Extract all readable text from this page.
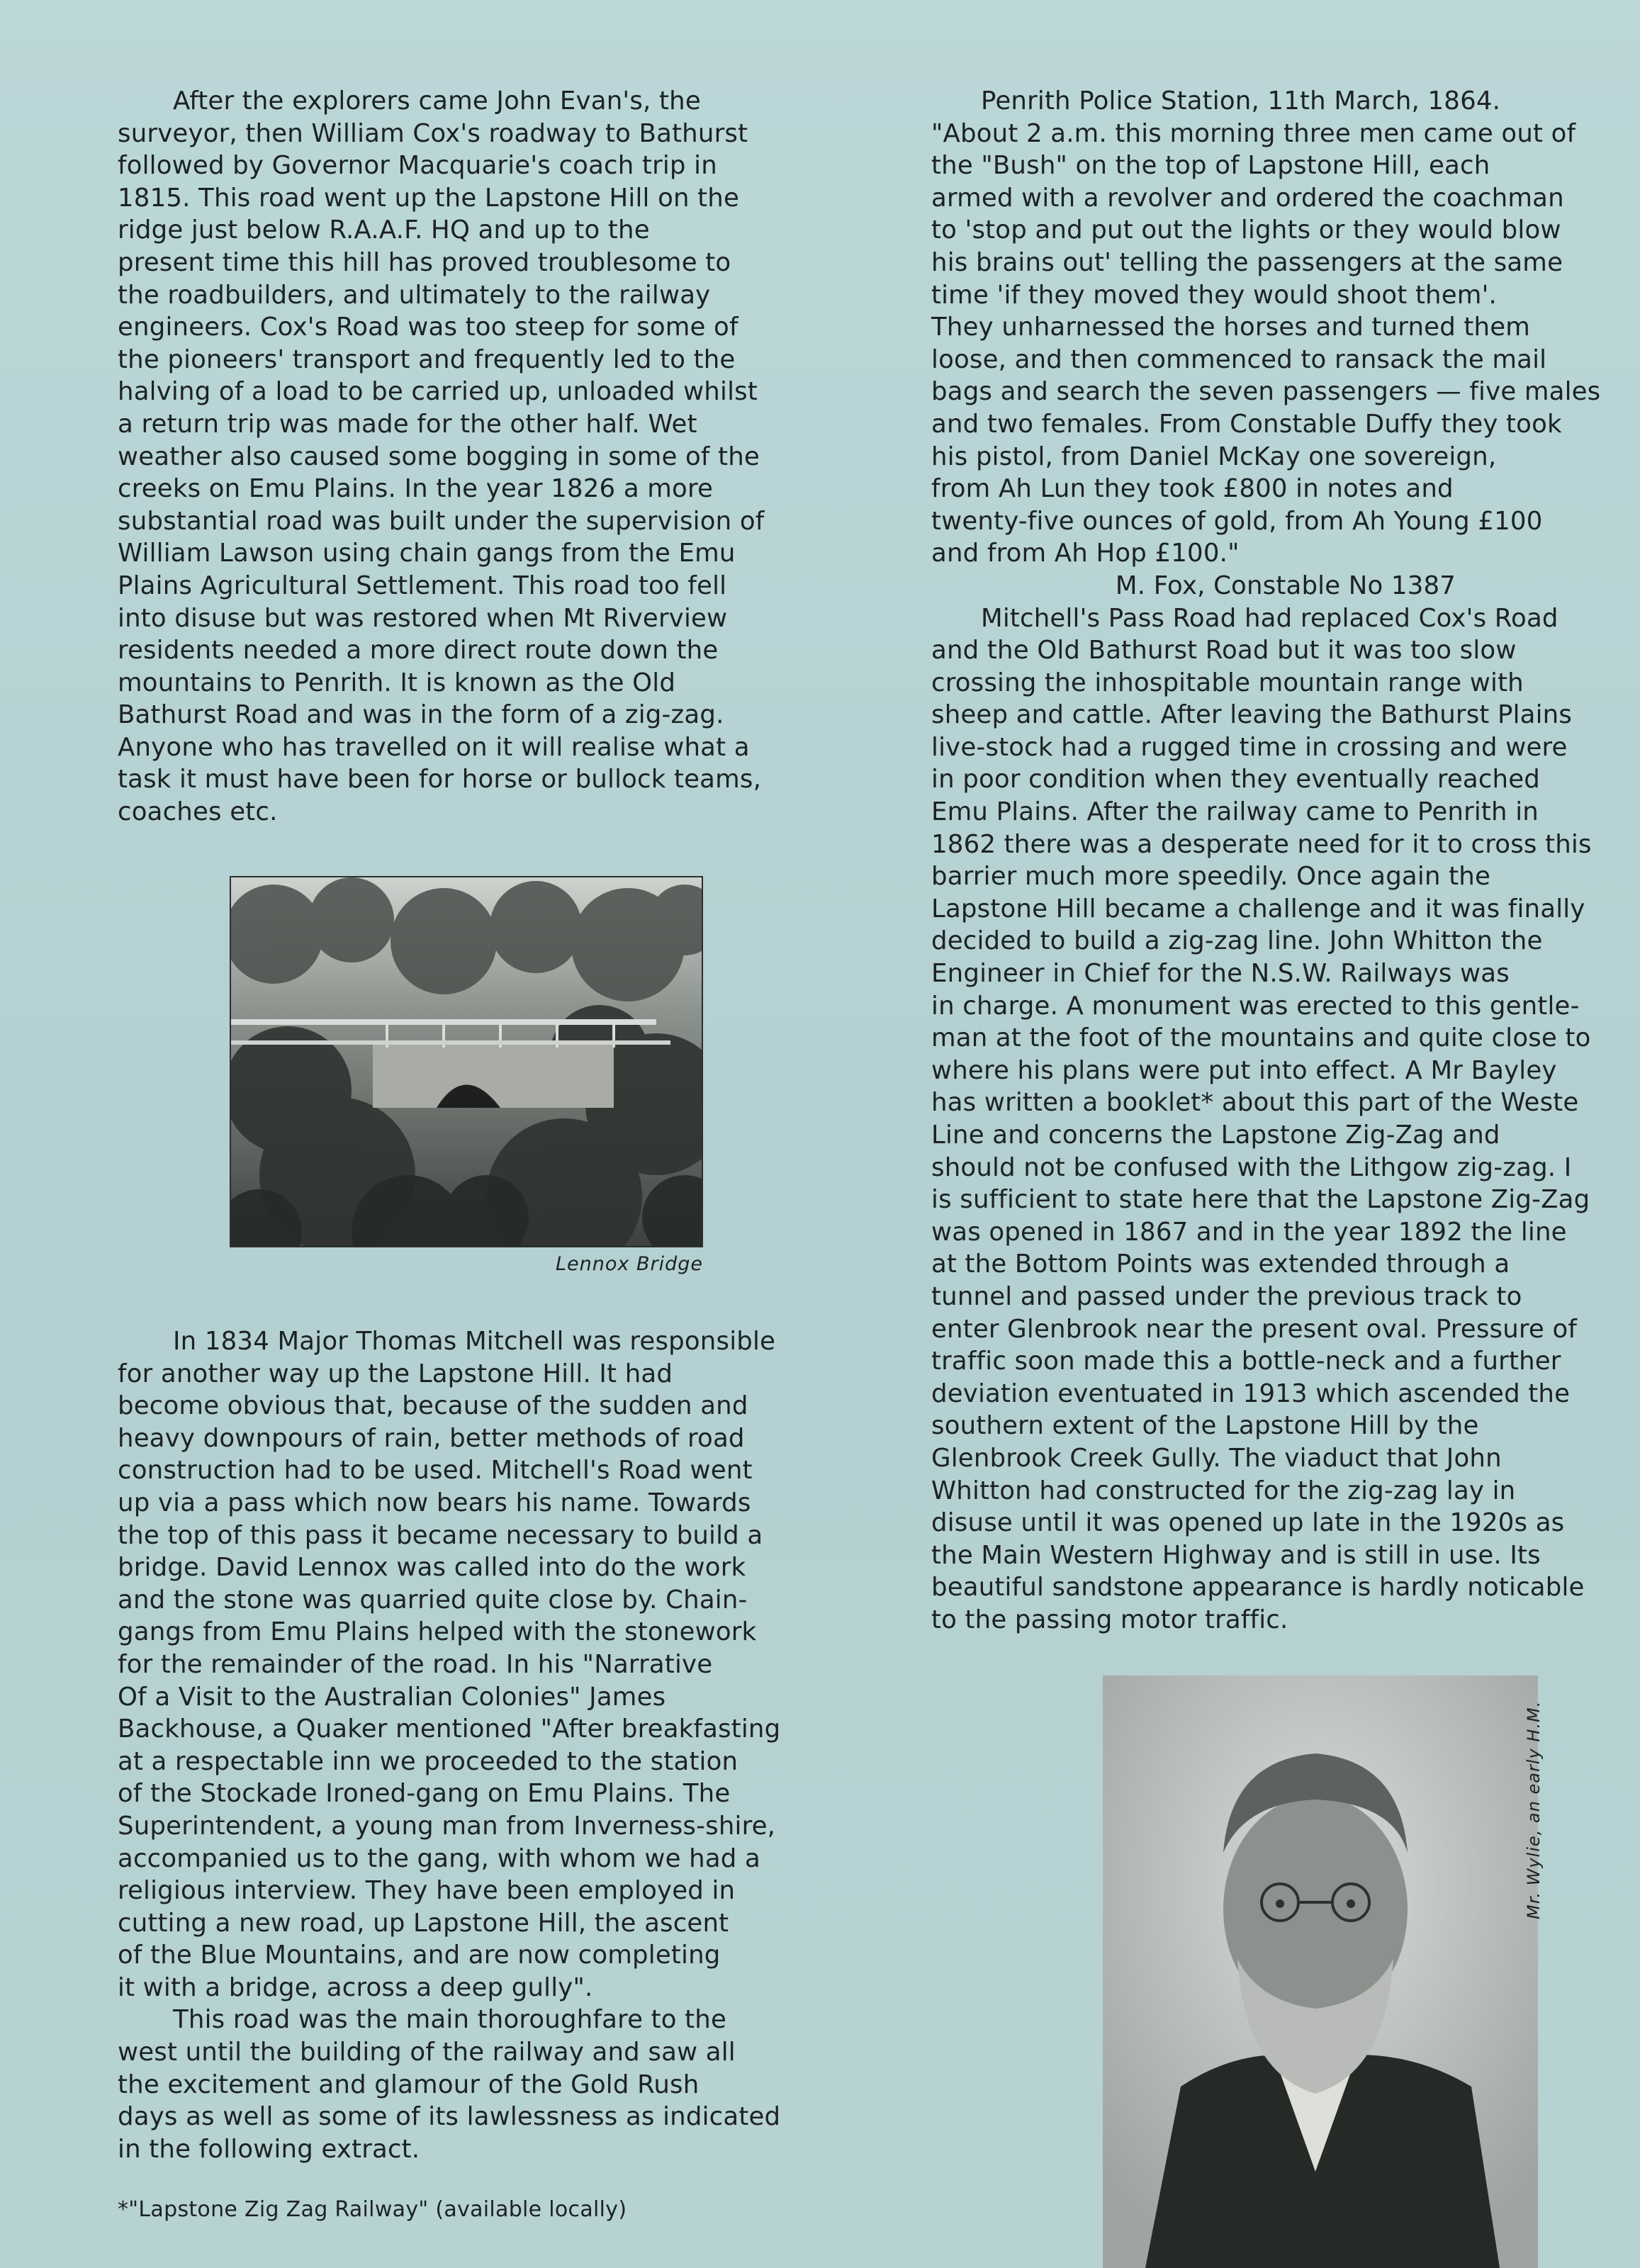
After the explorers came John Evan's, the
surveyor, then William Cox's roadway to Bathurst
followed by Governor Macquarie's coach trip in
1815. This road went up the Lapstone Hill on the
ridge just below R.A.A.F. HQ and up to the
present time this hill has proved troublesome to
the roadbuilders, and ultimately to the railway
engineers. Cox's Road was too steep for some of
the pioneers' transport and frequently led to the
halving of a load to be carried up, unloaded whilst
a return trip was made for the other half. Wet
weather also caused some bogging in some of the
creeks on Emu Plains. In the year 1826 a more
substantial road was built under the supervision of
William Lawson using chain gangs from the Emu
Plains Agricultural Settlement. This road too fell
into disuse but was restored when Mt Riverview
residents needed a more direct route down the
mountains to Penrith. It is known as the Old
Bathurst Road and was in the form of a zig-zag.
Anyone who has travelled on it will realise what a
task it must have been for horse or bullock teams,
coaches etc.

Lennox Bridge

In 1834 Major Thomas Mitchell was responsible
for another way up the Lapstone Hill. It had
become obvious that, because of the sudden and
heavy downpours of rain, better methods of road
construction had to be used. Mitchell's Road went
up via a pass which now bears his name. Towards
the top of this pass it became necessary to build a
bridge. David Lennox was called into do the work
and the stone was quarried quite close by. Chain-
gangs from Emu Plains helped with the stonework
for the remainder of the road. In his "Narrative
Of a Visit to the Australian Colonies" James
Backhouse, a Quaker mentioned "After breakfasting
at a respectable inn we proceeded to the station
of the Stockade Ironed-gang on Emu Plains. The
Superintendent, a young man from Inverness-shire,
accompanied us to the gang, with whom we had a
religious interview. They have been employed in
cutting a new road, up Lapstone Hill, the ascent
of the Blue Mountains, and are now completing
it with a bridge, across a deep gully".

This road was the main thoroughfare to the
west until the building of the railway and saw all
the excitement and glamour of the Gold Rush
days as well as some of its lawlessness as indicated
in the following extract.

*"Lapstone Zig Zag Railway" (available locally)

Penrith Police Station, 11th March, 1864.
"About 2 a.m. this morning three men came out of
the "Bush" on the top of Lapstone Hill, each
armed with a revolver and ordered the coachman
to 'stop and put out the lights or they would blow
his brains out' telling the passengers at the same
time 'if they moved they would shoot them'.
They unharnessed the horses and turned them
loose, and then commenced to ransack the mail
bags and search the seven passengers — five males
and two females. From Constable Duffy they took
his pistol, from Daniel McKay one sovereign,
from Ah Lun they took £800 in notes and
twenty-five ounces of gold, from Ah Young £100
and from Ah Hop £100."

M. Fox, Constable No 1387

Mitchell's Pass Road had replaced Cox's Road
and the Old Bathurst Road but it was too slow
crossing the inhospitable mountain range with
sheep and cattle. After leaving the Bathurst Plains
live-stock had a rugged time in crossing and were
in poor condition when they eventually reached
Emu Plains. After the railway came to Penrith in
1862 there was a desperate need for it to cross this
barrier much more speedily. Once again the
Lapstone Hill became a challenge and it was finally
decided to build a zig-zag line. John Whitton the
Engineer in Chief for the N.S.W. Railways was
in charge. A monument was erected to this gentle-
man at the foot of the mountains and quite close to
where his plans were put into effect. A Mr Bayley
has written a booklet* about this part of the Weste
Line and concerns the Lapstone Zig-Zag and
should not be confused with the Lithgow zig-zag. I
is sufficient to state here that the Lapstone Zig-Zag
was opened in 1867 and in the year 1892 the line
at the Bottom Points was extended through a
tunnel and passed under the previous track to
enter Glenbrook near the present oval. Pressure of
traffic soon made this a bottle-neck and a further
deviation eventuated in 1913 which ascended the
southern extent of the Lapstone Hill by the
Glenbrook Creek Gully. The viaduct that John
Whitton had constructed for the zig-zag lay in
disuse until it was opened up late in the 1920s as
the Main Western Highway and is still in use. Its
beautiful sandstone appearance is hardly noticable
to the passing motor traffic.

Mr. Wylie, an early H.M.
